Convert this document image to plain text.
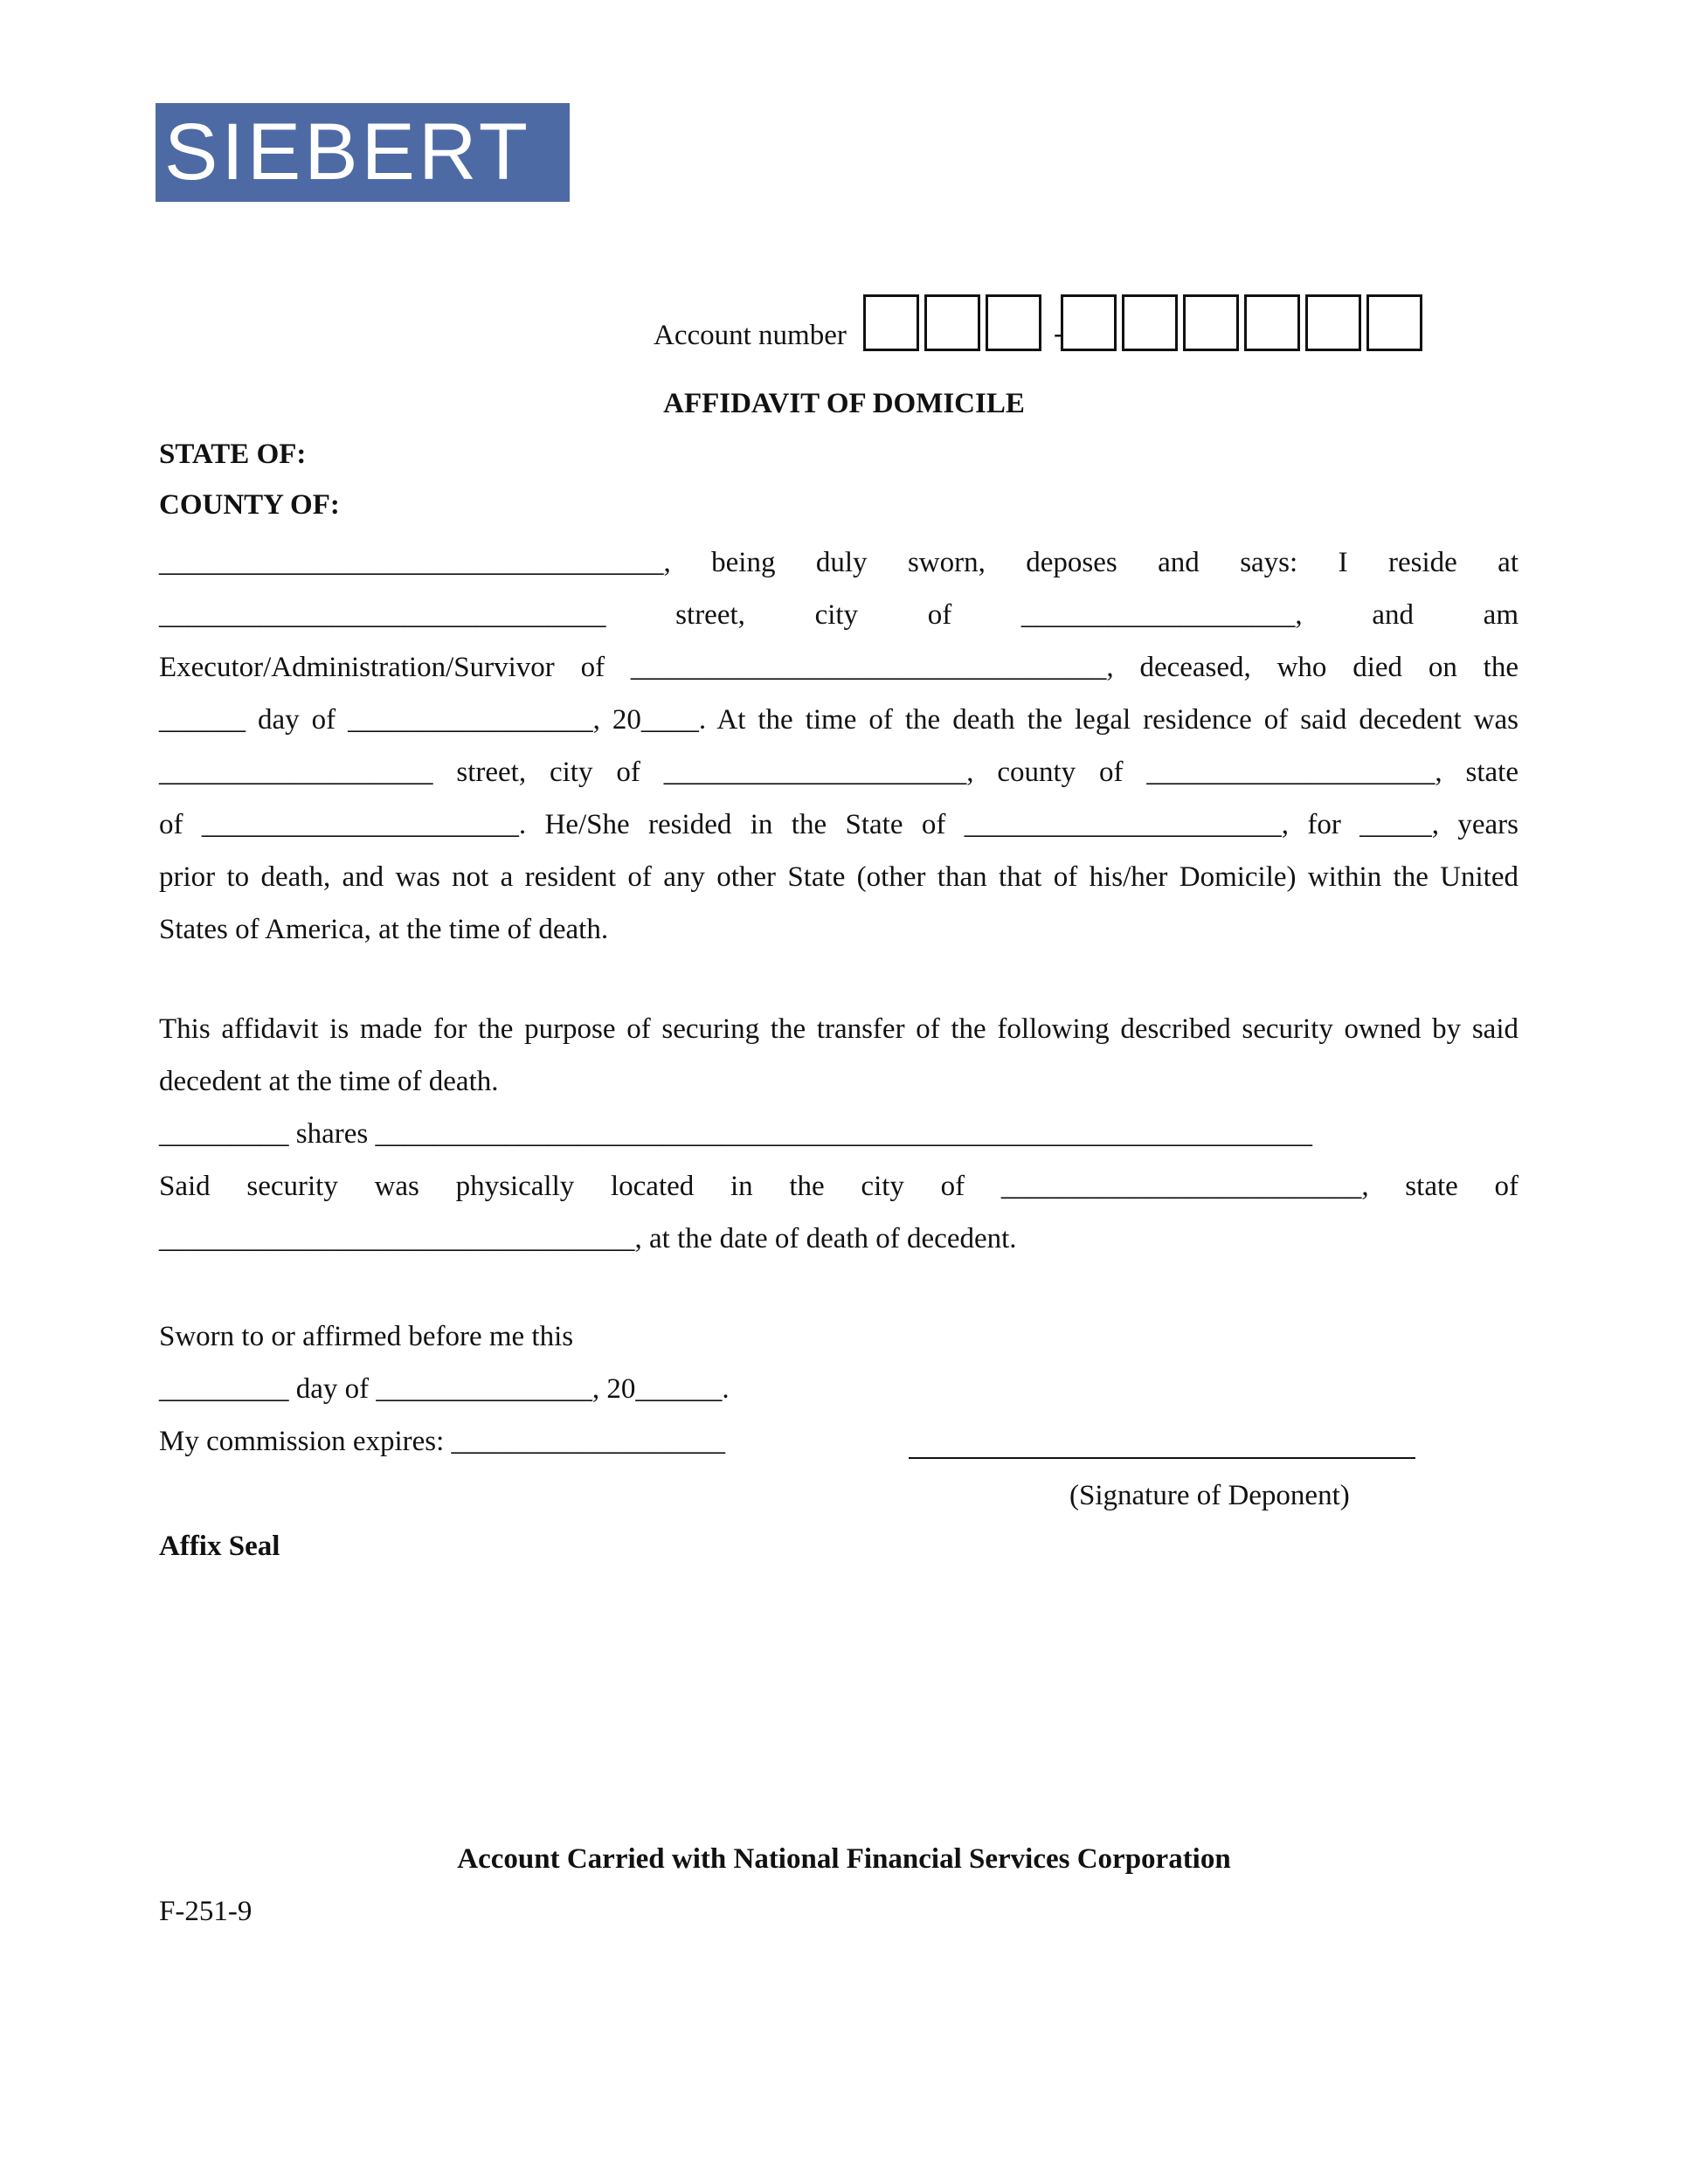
SIEBERT
Account number	-
AFFIDAVIT OF DOMICILE
STATE OF:
COUNTY OF:
___________________________________, being duly sworn, deposes and says: I reside at
_______________________________ street, city of ___________________, and am
Executor/Administration/Survivor of _________________________________, deceased, who died on the
______ day of _________________, 20____. At the time of the death the legal residence of said decedent was
___________________ street, city of _____________________, county of ____________________, state
of ______________________. He/She resided in the State of ______________________, for _____, years
prior to death, and was not a resident of any other State (other than that of his/her Domicile) within the United
States of America, at the time of death.
This affidavit is made for the purpose of securing the transfer of the following described security owned by said
decedent at the time of death.
_________ shares _________________________________________________________________
Said security was physically located in the city of _________________________, state of
_________________________________, at the date of death of decedent.
Sworn to or affirmed before me this
_________ day of _______________, 20______.
My commission expires: ___________________
(Signature of Deponent)
Affix Seal
Account Carried with National Financial Services Corporation
F-251-9
